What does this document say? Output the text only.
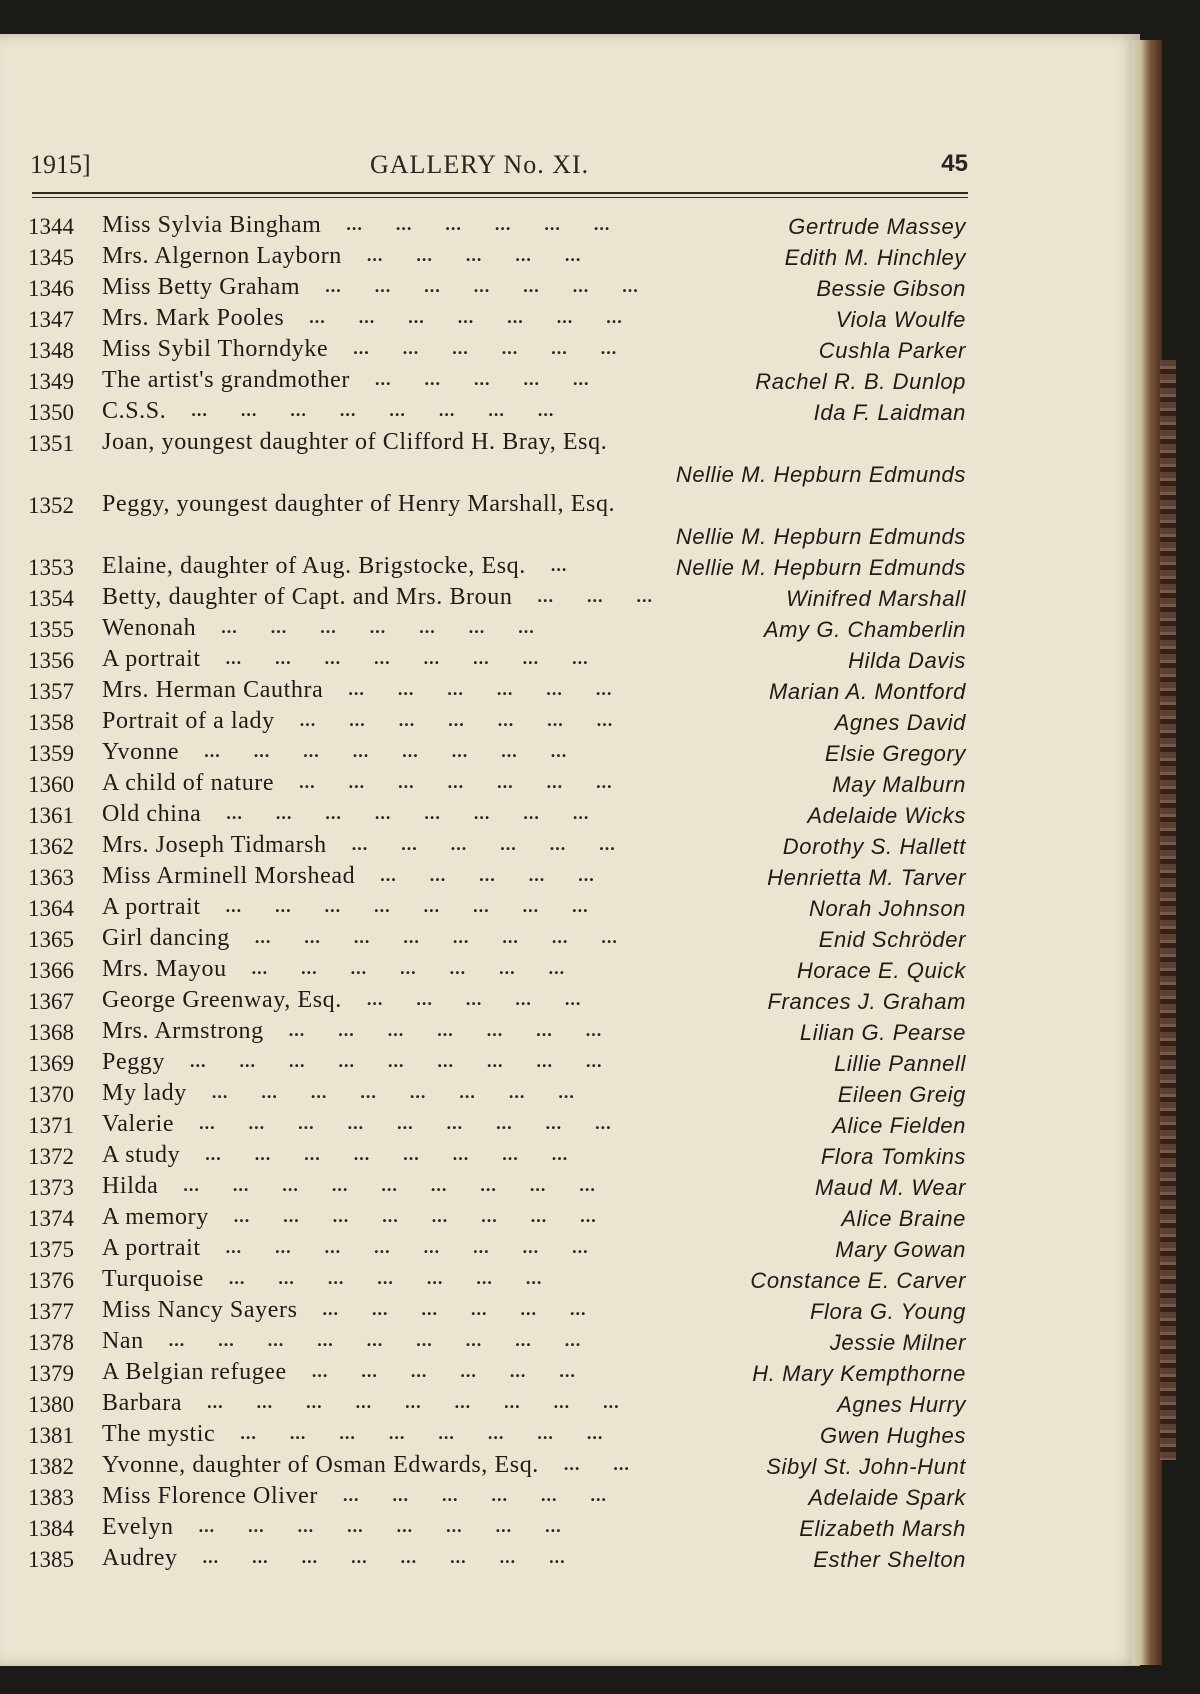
1915]	GALLERY No. XI.	45
1344 Miss Sylvia Bingham	Gertrude Massey
...      ...      ...      ...      ...      ...
1345 Mrs. Algernon Layborn	Edith M. Hinchley
...      ...      ...      ...      ...
1346 Miss Betty Graham	Bessie Gibson
...      ...      ...      ...      ...      ...      ...
1347 Mrs. Mark Pooles	Viola Woulfe
...      ...      ...      ...      ...      ...      ...
1348 Miss Sybil Thorndyke	Cushla Parker
...      ...      ...      ...      ...      ...
1349 The artist's grandmother	Rachel R. B. Dunlop
...      ...      ...      ...      ...
1350 C.S.S.	Ida F. Laidman
...      ...      ...      ...      ...      ...      ...      ...
1351 Joan, youngest daughter of Clifford H. Bray, Esq.
Nellie M. Hepburn Edmunds
1352 Peggy, youngest daughter of Henry Marshall, Esq.
Nellie M. Hepburn Edmunds
1353 Elaine, daughter of Aug. Brigstocke, Esq.	Nellie M. Hepburn Edmunds
...
1354 Betty, daughter of Capt. and Mrs. Broun	Winifred Marshall
...      ...      ...
1355 Wenonah	Amy G. Chamberlin
...      ...      ...      ...      ...      ...      ...
1356 A portrait	Hilda Davis
...      ...      ...      ...      ...      ...      ...      ...
1357 Mrs. Herman Cauthra	Marian A. Montford
...      ...      ...      ...      ...      ...
1358 Portrait of a lady	Agnes David
...      ...      ...      ...      ...      ...      ...
1359 Yvonne	Elsie Gregory
...      ...      ...      ...      ...      ...      ...      ...
1360 A child of nature	May Malburn
...      ...      ...      ...      ...      ...      ...
1361 Old china	Adelaide Wicks
...      ...      ...      ...      ...      ...      ...      ...
1362 Mrs. Joseph Tidmarsh	Dorothy S. Hallett
...      ...      ...      ...      ...      ...
1363 Miss Arminell Morshead	Henrietta M. Tarver
...      ...      ...      ...      ...
1364 A portrait	Norah Johnson
...      ...      ...      ...      ...      ...      ...      ...
1365 Girl dancing	Enid Schröder
...      ...      ...      ...      ...      ...      ...      ...
1366 Mrs. Mayou	Horace E. Quick
...      ...      ...      ...      ...      ...      ...
1367 George Greenway, Esq.	Frances J. Graham
...      ...      ...      ...      ...
1368 Mrs. Armstrong	Lilian G. Pearse
...      ...      ...      ...      ...      ...      ...
1369 Peggy	Lillie Pannell
...      ...      ...      ...      ...      ...      ...      ...      ...
1370 My lady	Eileen Greig
...      ...      ...      ...      ...      ...      ...      ...
1371 Valerie	Alice Fielden
...      ...      ...      ...      ...      ...      ...      ...      ...
1372 A study	Flora Tomkins
...      ...      ...      ...      ...      ...      ...      ...
1373 Hilda	Maud M. Wear
...      ...      ...      ...      ...      ...      ...      ...      ...
1374 A memory	Alice Braine
...      ...      ...      ...      ...      ...      ...      ...
1375 A portrait	Mary Gowan
...      ...      ...      ...      ...      ...      ...      ...
1376 Turquoise	Constance E. Carver
...      ...      ...      ...      ...      ...      ...
1377 Miss Nancy Sayers	Flora G. Young
...      ...      ...      ...      ...      ...
1378 Nan	Jessie Milner
...      ...      ...      ...      ...      ...      ...      ...      ...
1379 A Belgian refugee	H. Mary Kempthorne
...      ...      ...      ...      ...      ...
1380 Barbara	Agnes Hurry
...      ...      ...      ...      ...      ...      ...      ...      ...
1381 The mystic	Gwen Hughes
...      ...      ...      ...      ...      ...      ...      ...
1382 Yvonne, daughter of Osman Edwards, Esq.	Sibyl St. John-Hunt
...      ...
1383 Miss Florence Oliver	Adelaide Spark
...      ...      ...      ...      ...      ...
1384 Evelyn	Elizabeth Marsh
...      ...      ...      ...      ...      ...      ...      ...
1385 Audrey	Esther Shelton
...      ...      ...      ...      ...      ...      ...      ...
